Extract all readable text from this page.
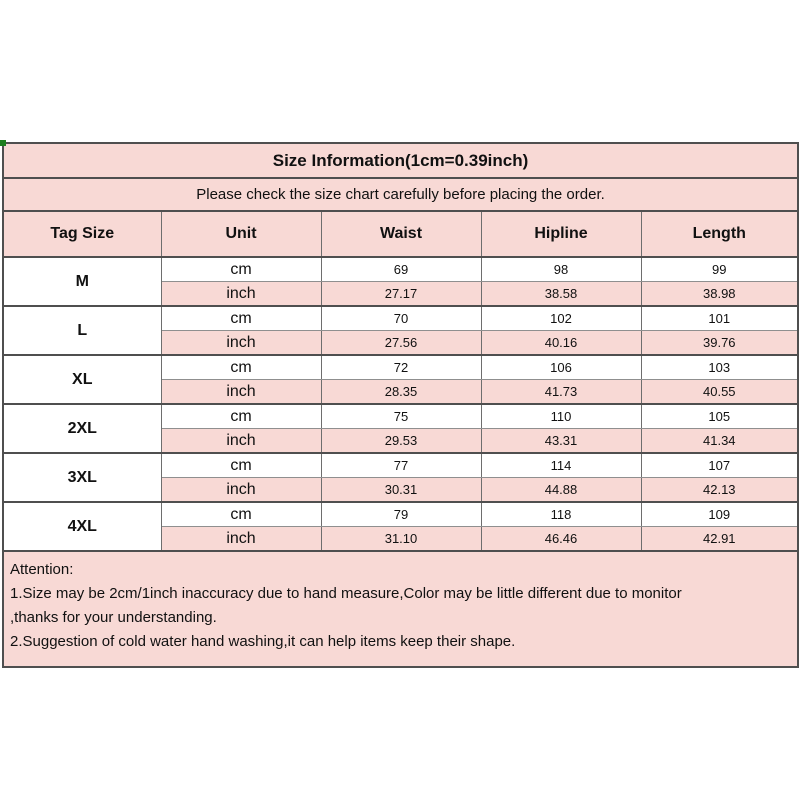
Size Information(1cm=0.39inch)				
Please check the size chart carefully before placing the order.				
Tag Size	Unit	Waist	Hipline	Length
M	cm	69	98	99
	inch	27.17	38.58	38.98
L	cm	70	102	101
	inch	27.56	40.16	39.76
XL	cm	72	106	103
	inch	28.35	41.73	40.55
2XL	cm	75	110	105
	inch	29.53	43.31	41.34
3XL	cm	77	114	107
	inch	30.31	44.88	42.13
4XL	cm	79	118	109
	inch	31.10	46.46	42.91

Attention:
1.Size may be 2cm/1inch inaccuracy due to hand measure,Color may be little different due to monitor
,thanks for your understanding.
2.Suggestion of cold water hand washing,it can help items keep their shape.				
